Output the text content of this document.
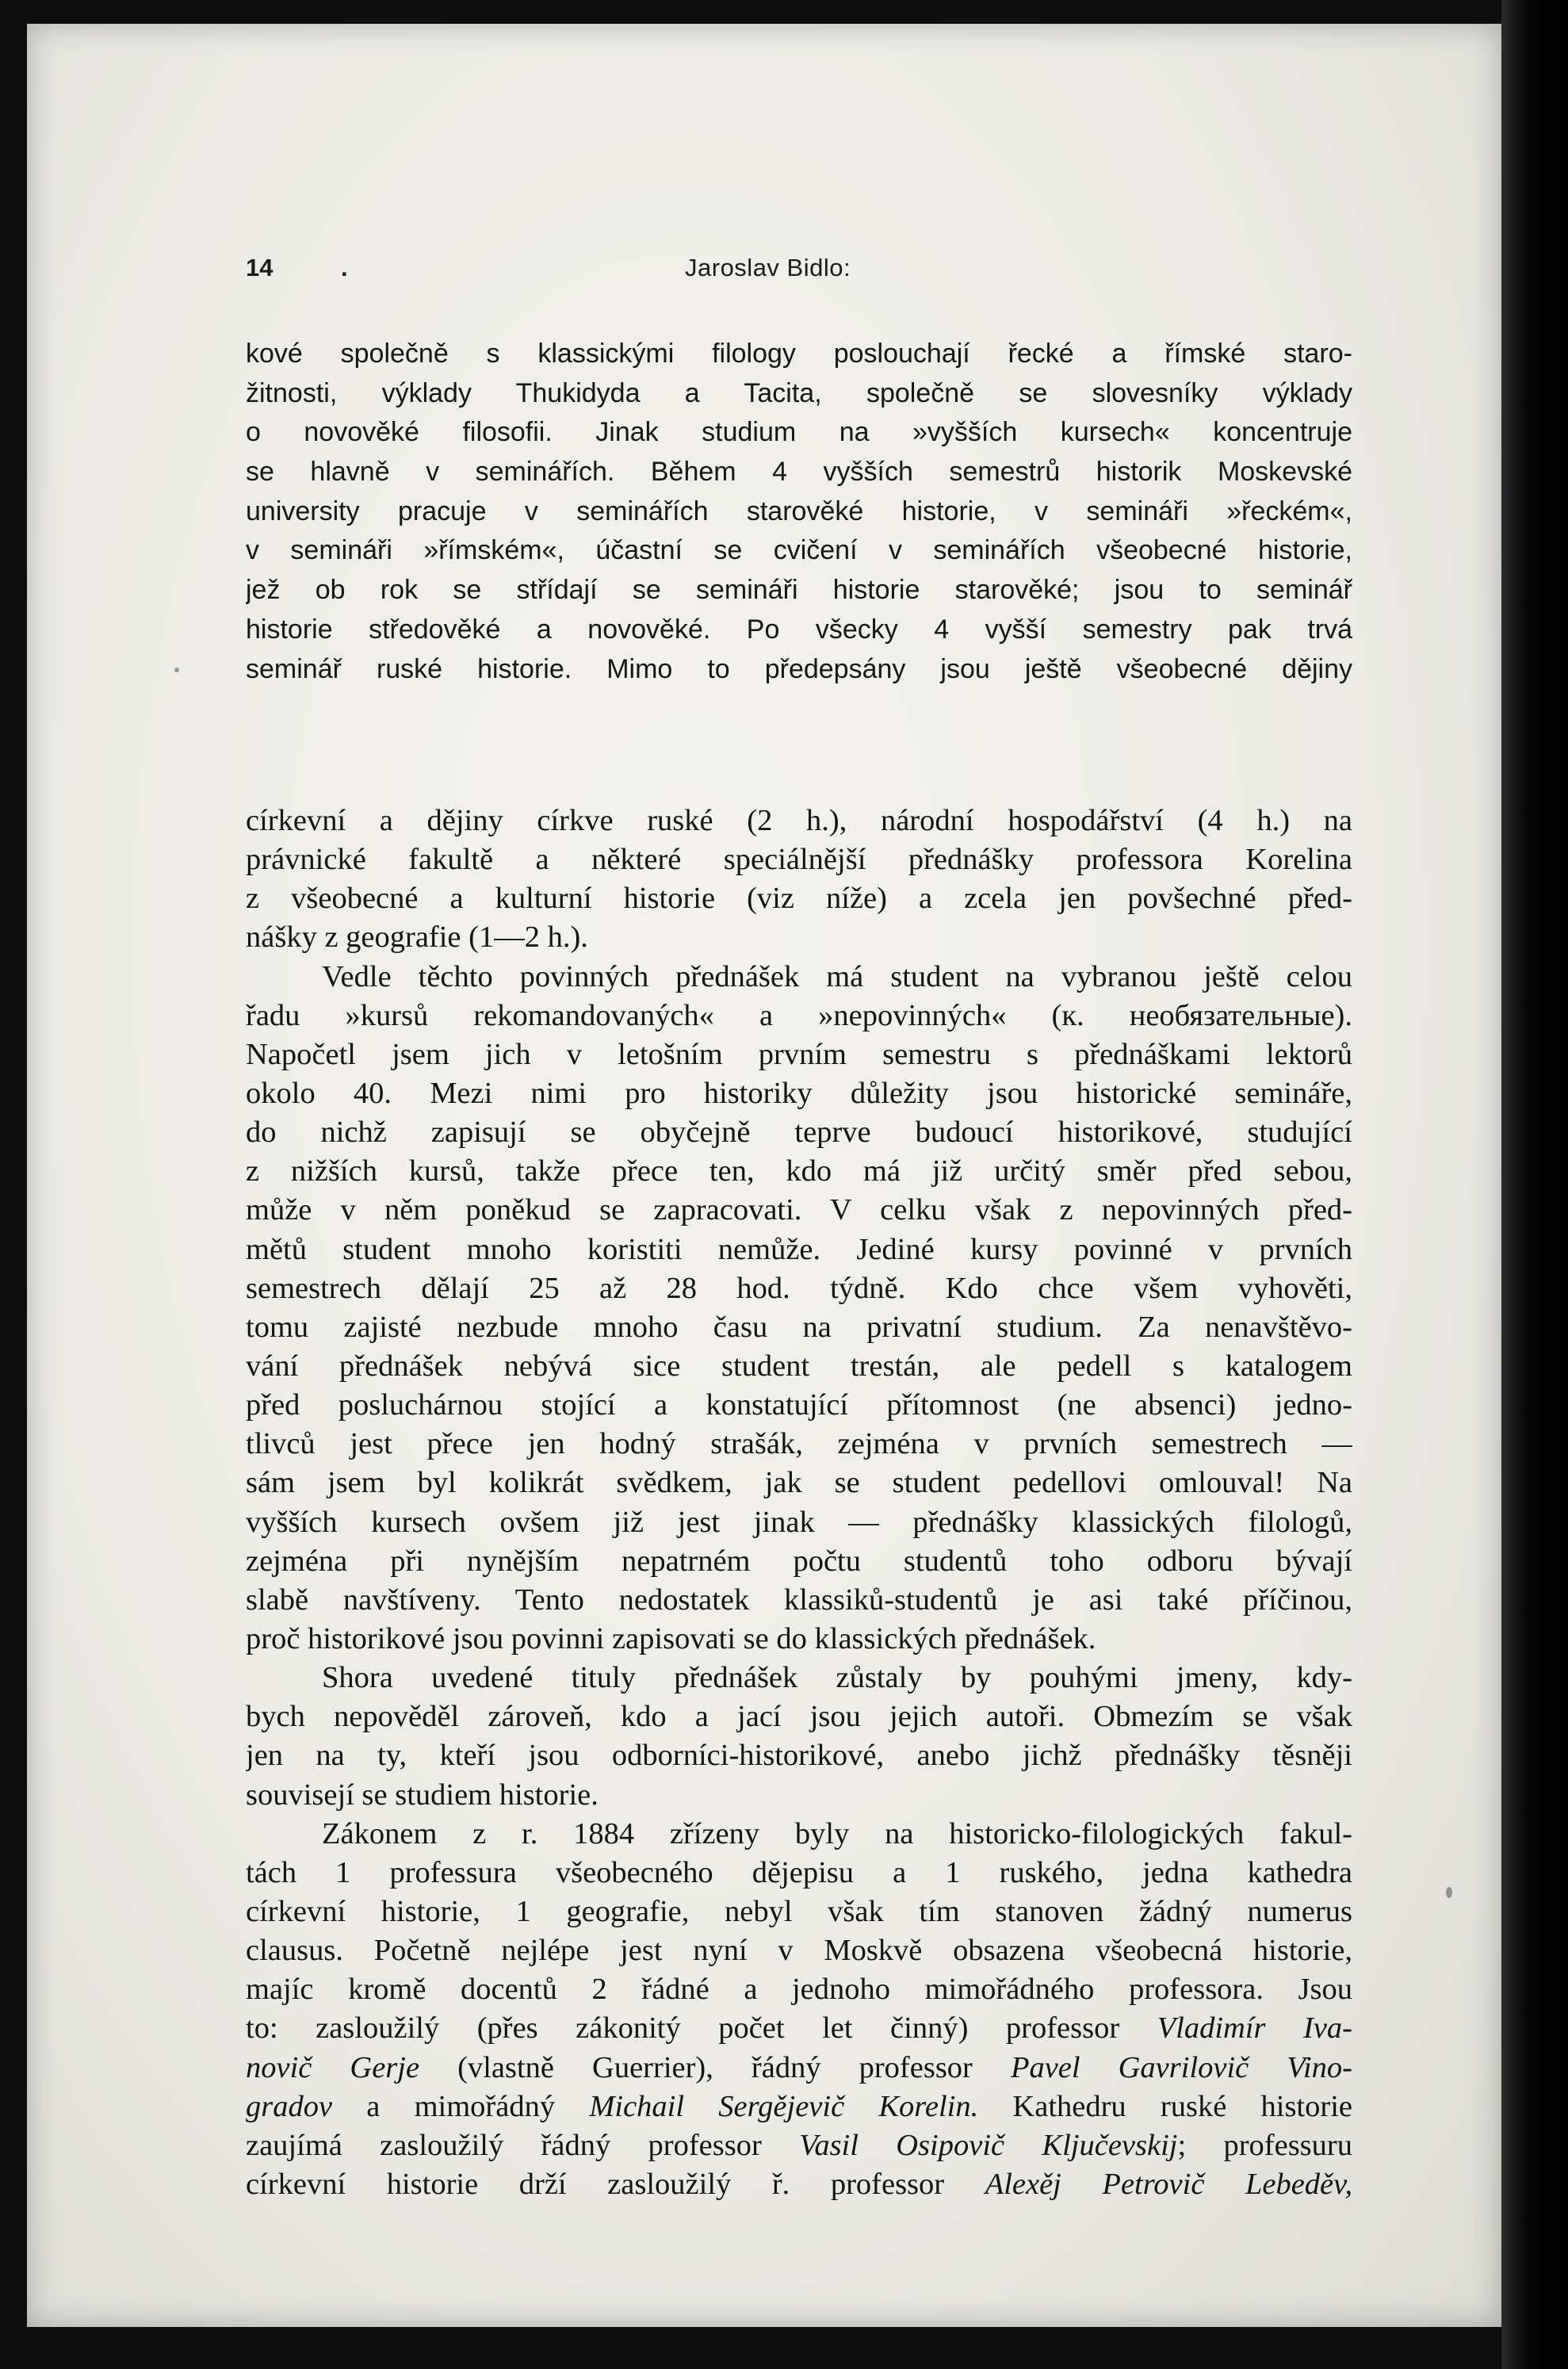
14	.	Jaroslav Bidlo:
kové společně s klassickými filology poslouchají řecké a římské staro-
žitnosti, výklady Thukidyda a Tacita, společně se slovesníky výklady
o novověké filosofii. Jinak studium na »vyšších kursech« koncentruje
se hlavně v seminářích. Během 4 vyšších semestrů historik Moskevské
university pracuje v seminářích starověké historie, v semináři »řeckém«,
v semináři »římském«, účastní se cvičení v seminářích všeobecné historie,
jež ob rok se střídají se semináři historie starověké; jsou to seminář
historie středověké a novověké. Po všecky 4 vyšší semestry pak trvá
seminář ruské historie. Mimo to předepsány jsou ještě všeobecné dějiny
církevní a dějiny církve ruské (2 h.), národní hospodářství (4 h.) na
právnické fakultě a některé speciálnější přednášky professora Korelina
z všeobecné a kulturní historie (viz níže) a zcela jen povšechné před-
nášky z geografie (1—2 h.).
Vedle těchto povinných přednášek má student na vybranou ještě celou
řadu »kursů rekomandovaných« a »nepovinných« (к. необязательные).
Napočetl jsem jich v letošním prvním semestru s přednáškami lektorů
okolo 40. Mezi nimi pro historiky důležity jsou historické semináře,
do nichž zapisují se obyčejně teprve budoucí historikové, studující
z nižších kursů, takže přece ten, kdo má již určitý směr před sebou,
může v něm poněkud se zapracovati. V celku však z nepovinných před-
mětů student mnoho koristiti nemůže. Jediné kursy povinné v prvních
semestrech dělají 25 až 28 hod. týdně. Kdo chce všem vyhověti,
tomu zajisté nezbude mnoho času na privatní studium. Za nenavštěvo-
vání přednášek nebývá sice student trestán, ale pedell s katalogem
před posluchárnou stojící a konstatující přítomnost (ne absenci) jedno-
tlivců jest přece jen hodný strašák, zejména v prvních semestrech —
sám jsem byl kolikrát svědkem, jak se student pedellovi omlouval! Na
vyšších kursech ovšem již jest jinak — přednášky klassických filologů,
zejména při nynějším nepatrném počtu studentů toho odboru bývají
slabě navštíveny. Tento nedostatek klassiků-studentů je asi také příčinou,
proč historikové jsou povinni zapisovati se do klassických přednášek.
Shora uvedené tituly přednášek zůstaly by pouhými jmeny, kdy-
bych nepověděl zároveň, kdo a jací jsou jejich autoři. Obmezím se však
jen na ty, kteří jsou odborníci-historikové, anebo jichž přednášky těsněji
souvisejí se studiem historie.
Zákonem z r. 1884 zřízeny byly na historicko-filologických fakul-
tách 1 professura všeobecného dějepisu a 1 ruského, jedna kathedra
církevní historie, 1 geografie, nebyl však tím stanoven žádný numerus
clausus. Početně nejlépe jest nyní v Moskvě obsazena všeobecná historie,
majíc kromě docentů 2 řádné a jednoho mimořádného professora. Jsou
to: zasloužilý (přes zákonitý počet let činný) professor Vladimír Iva-
novič Gerje (vlastně Guerrier), řádný professor Pavel Gavrilovič Vino-
gradov a mimořádný Michail Sergějevič Korelin. Kathedru ruské historie
zaujímá zasloužilý řádný professor Vasil Osipovič Ključevskij; professuru
církevní historie drží zasloužilý ř. professor Alexěj Petrovič Lebeděv,
